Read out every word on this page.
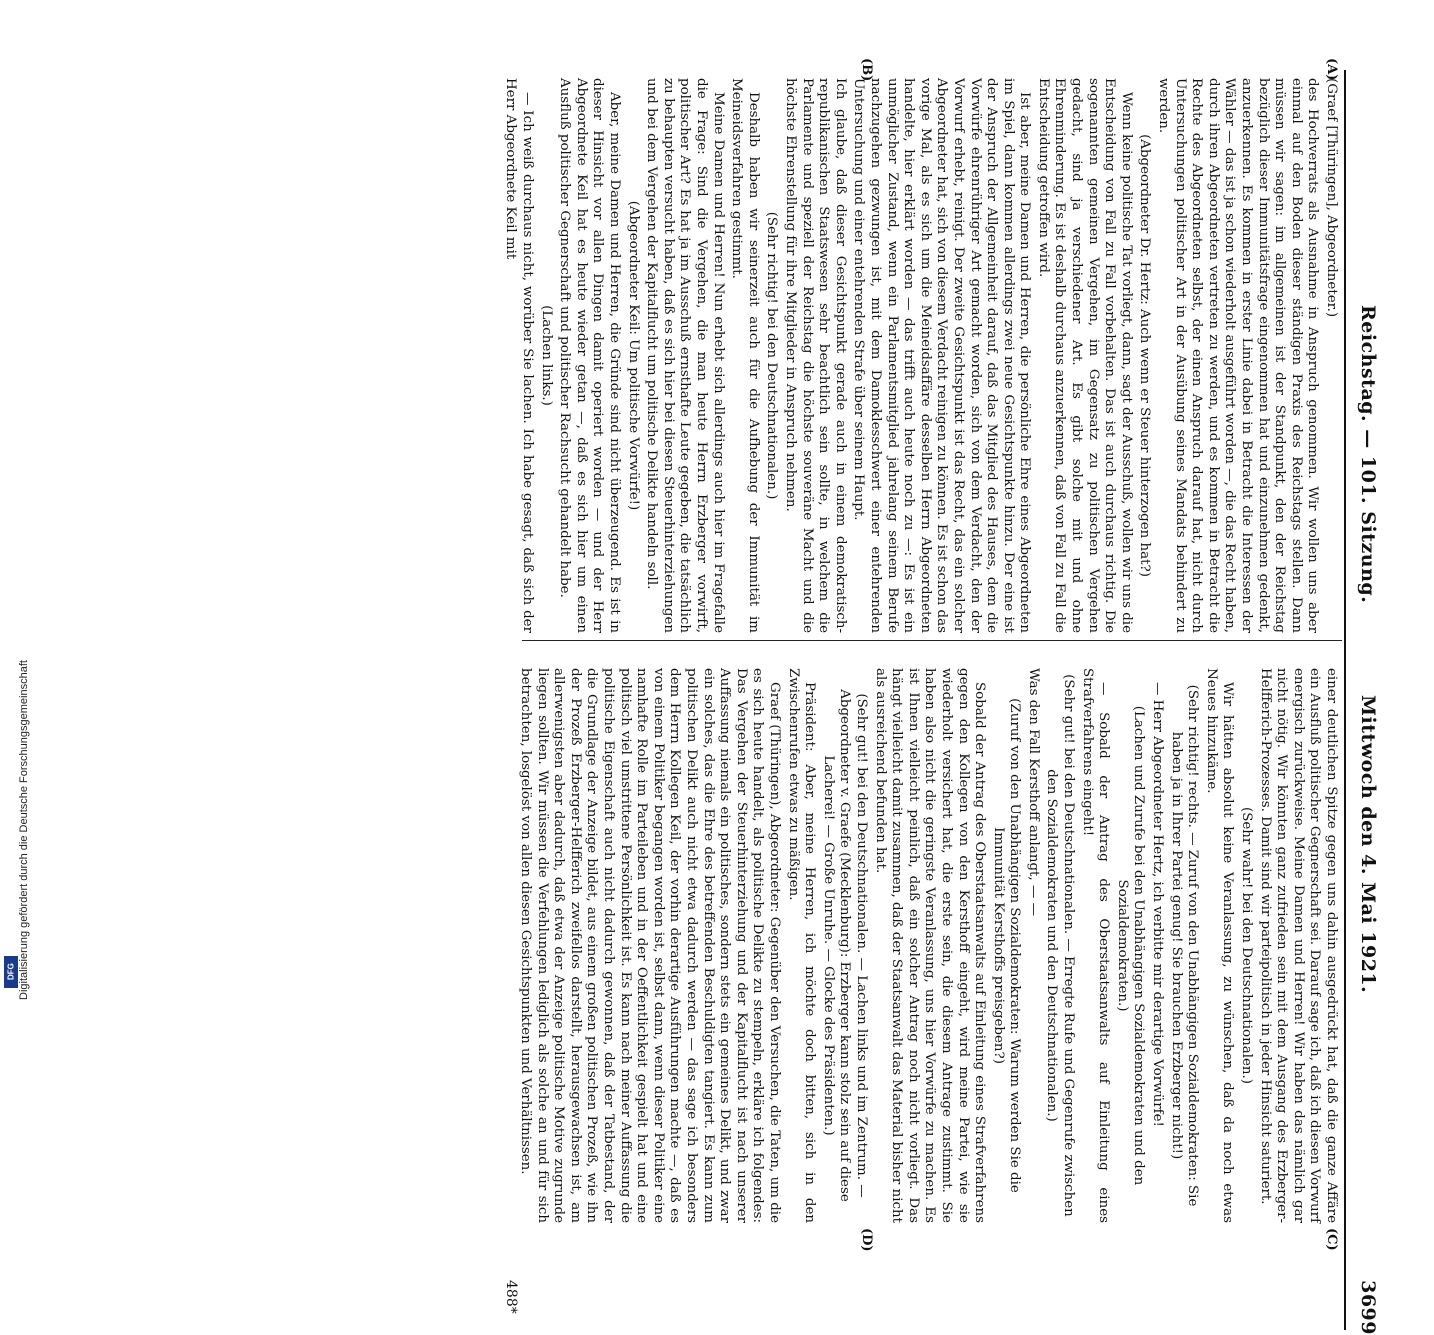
Reichstag. — 101. Sitzung.
Mittwoch den 4. Mai 1921.
3699
(A)
(B)
(C)
(D)

(Graef [Thüringen], Abgeordneter.)

des Hochverrats als Ausnahme in Anspruch genommen. Wir wollen uns aber einmal auf den Boden dieser ständigen Praxis des Reichstags stellen. Dann müssen wir sagen: im allgemeinen ist der Standpunkt, den der Reichstag bezüglich dieser Immunitätsfrage eingenommen hat und einzunehmen gedenkt, anzuerkennen. Es kommen in erster Linie dabei in Betracht die Interessen der Wähler — das ist ja schon wiederholt ausgeführt worden —, die das Recht haben, durch ihren Abgeordneten vertreten zu werden, und es kommen in Betracht die Rechte des Abgeordneten selbst, der einen Anspruch darauf hat, nicht durch Untersuchungen politischer Art in der Ausübung seines Mandats behindert zu werden.

(Abgeordneter Dr. Hertz: Auch wenn er Steuer hinterzogen hat?)

Wenn keine politische Tat vorliegt, dann, sagt der Ausschuß, wollen wir uns die Entscheidung von Fall zu Fall vorbehalten. Das ist auch durchaus richtig. Die sogenannten gemeinen Vergehen, im Gegensatz zu politischen Vergehen gedacht, sind ja verschiedener Art. Es gibt solche mit und ohne Ehrenminderung. Es ist deshalb durchaus anzuerkennen, daß von Fall zu Fall die Entscheidung getroffen wird.

Ist aber, meine Damen und Herren, die persönliche Ehre eines Abgeordneten im Spiel, dann kommen allerdings zwei neue Gesichtspunkte hinzu. Der eine ist der Anspruch der Allgemeinheit darauf, daß das Mitglied des Hauses, dem die Vorwürfe ehrenrühriger Art gemacht worden, sich von dem Verdacht, den der Vorwurf erhebt, reinigt. Der zweite Gesichtspunkt ist das Recht, das ein solcher Abgeordneter hat, sich von diesem Verdacht reinigen zu können. Es ist schon das vorige Mal, als es sich um die Meineidsaffäre desselben Herrn Abgeordneten handelte, hier erklärt worden — das trifft auch heute noch zu —: Es ist ein unmöglicher Zustand, wenn ein Parlamentsmitglied jahrelang seinem Berufe nachzugehen gezwungen ist, mit dem Damoklesschwert einer entehrenden Untersuchung und einer entehrenden Strafe über seinem Haupt.

Ich glaube, daß dieser Gesichtspunkt gerade auch in einem demokratisch-republikanischen Staatswesen sehr beachtlich sein sollte, in welchem die Parlamente und speziell der Reichstag die höchste souveräne Macht und die höchste Ehrenstellung für ihre Mitglieder in Anspruch nehmen.

(Sehr richtig! bei den Deutschnationalen.)

Deshalb haben wir seinerzeit auch für die Aufhebung der Immunität im Meineidsverfahren gestimmt.

Meine Damen und Herren! Nun erhebt sich allerdings auch hier im Fragefalle die Frage: Sind die Vergehen, die man heute Herrn Erzberger vorwirft, politischer Art? Es hat ja im Ausschuß ernsthafte Leute gegeben, die tatsächlich zu behaupten versucht haben, daß es sich hier bei diesen Steuerhinterziehungen und bei dem Vergehen der Kapitalflucht um politische Delikte handeln soll.

(Abgeordneter Keil: Um politische Vorwürfe!)

Aber, meine Damen und Herren, die Gründe sind nicht überzeugend. Es ist in dieser Hinsicht vor allen Dingen damit operiert worden — und der Herr Abgeordnete Keil hat es heute wieder getan —, daß es sich hier um einen Ausfluß politischer Gegnerschaft und politischer Rachsucht gehandelt habe.

(Lachen links.)

— Ich weiß durchaus nicht, worüber Sie lachen. Ich habe gesagt, daß sich der Herr Abgeordnete Keil mit

einer deutlichen Spitze gegen uns dahin ausgedrückt hat, daß die ganze Affäre ein Ausfluß politischer Gegnerschaft sei. Darauf sage ich, daß ich diesen Vorwurf energisch zurückweise. Meine Damen und Herren! Wir haben das nämlich gar nicht nötig. Wir könnten ganz zufrieden sein mit dem Ausgang des Erzberger-Helfferich-Prozesses. Damit sind wir parteipolitisch in jeder Hinsicht saturiert.

(Sehr wahr! bei den Deutschnationalen.)

Wir hätten absolut keine Veranlassung, zu wünschen, daß da noch etwas Neues hinzukäme.

(Sehr richtig! rechts. — Zuruf von den Unabhängigen Sozialdemokraten: Sie haben ja in Ihrer Partei genug! Sie brauchen Erzberger nicht!)

— Herr Abgeordneter Hertz, ich verbitte mir derartige Vorwürfe!

(Lachen und Zurufe bei den Unabhängigen Sozialdemokraten und den Sozialdemokraten.)

— Sobald der Antrag des Oberstaatsanwalts auf Einleitung eines Strafverfahrens eingeht!

(Sehr gut! bei den Deutschnationalen. — Erregte Rufe und Gegenrufe zwischen den Sozialdemokraten und den Deutschnationalen.)

Was den Fall Kersthoff anlangt, — —

(Zuruf von den Unabhängigen Sozialdemokraten: Warum werden Sie die Immunität Kersthoffs preisgeben?)

Sobald der Antrag des Oberstaatsanwalts auf Einleitung eines Strafverfahrens gegen den Kollegen von den Kersthoff eingeht, wird meine Partei, wie sie wiederholt versichert hat, die erste sein, die diesem Antrage zustimmt. Sie haben also nicht die geringste Veranlassung, uns hier Vorwürfe zu machen. Es ist Ihnen vielleicht peinlich, daß ein solcher Antrag noch nicht vorliegt. Das hängt vielleicht damit zusammen, daß der Staatsanwalt das Material bisher nicht als ausreichend befunden hat.

(Sehr gut! bei den Deutschnationalen. — Lachen links und im Zentrum. — Abgeordneter v. Graefe (Mecklenburg): Erzberger kann stolz sein auf diese Lacherei! — Große Unruhe. — Glocke des Präsidenten.)

Präsident: Aber, meine Herren, ich möchte doch bitten, sich in den Zwischenrufen etwas zu mäßigen.

Graef (Thüringen), Abgeordneter: Gegenüber den Versuchen, die Taten, um die es sich heute handelt, als politische Delikte zu stempeln, erkläre ich folgendes: Das Vergehen der Steuerhinterziehung und der Kapitalflucht ist nach unserer Auffassung niemals ein politisches, sondern stets ein gemeines Delikt, und zwar ein solches, das die Ehre des betreffenden Beschuldigten tangiert. Es kann zum politischen Delikt auch nicht etwa dadurch werden — das sage ich besonders dem Herrn Kollegen Keil, der vorhin derartige Ausführungen machte —, daß es von einem Politiker begangen worden ist, selbst dann, wenn dieser Politiker eine namhafte Rolle im Parteileben und in der Oeffentlichkeit gespielt hat und eine politisch viel umstrittene Persönlichkeit ist. Es kann nach meiner Auffassung die politische Eigenschaft auch nicht dadurch gewonnen, daß der Tatbestand, der die Grundlage der Anzeige bildet, aus einem großen politischen Prozeß, wie ihn der Prozeß Erzberger-Helfferich zweifellos darstellt, herausgewachsen ist, am allerwenigsten aber dadurch, daß etwa der Anzeige politische Motive zugrunde liegen sollten. Wir müssen die Verfehlungen lediglich als solche an und für sich betrachten, losgelöst von allen diesen Gesichtspunkten und Verhältnissen.

488*
Digitalisierung gefördert durch die Deutsche Forschungsgemeinschaft
DFG
